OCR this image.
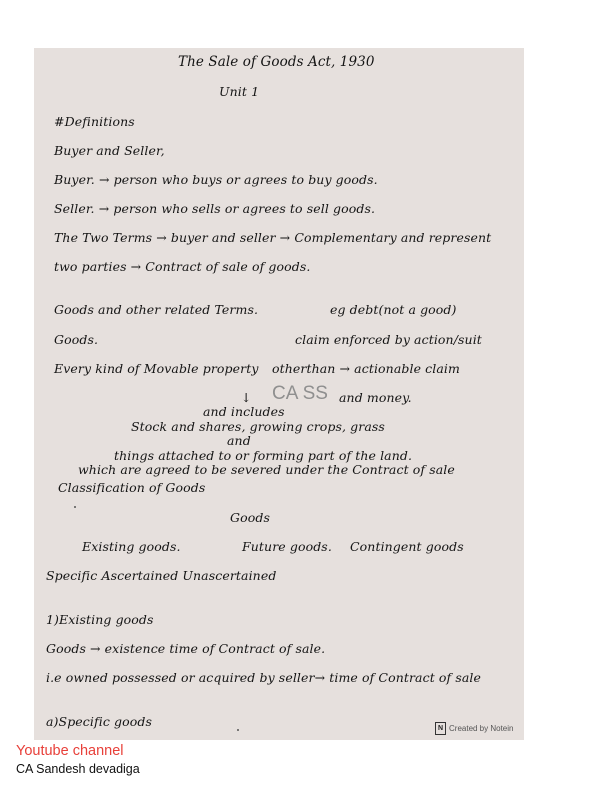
The Sale of Goods Act, 1930
Unit 1
#Definitions
Buyer and Seller,
Buyer. → person who buys or agrees to buy goods.
Seller. → person who sells or agrees to sell goods.
The Two Terms → buyer and seller → Complementary and represent
two parties → Contract of sale of goods.
Goods and other related Terms.	eg debt(not a good)
Goods.	claim enforced by action/suit
Every kind of Movable property otherthan → actionable claim
↓ CA SS and money.
and includes
Stock and shares, growing crops, grass
and
things attached to or forming part of the land.
which are agreed to be severed under the Contract of sale
Classification of Goods
Goods
Existing goods.	Future goods. Contingent goods
Specific Ascertained Unascertained
1)Existing goods
Goods → existence time of Contract of sale.
i.e owned possessed or acquired by seller→ time of Contract of sale
a)Specific goods	N Created by Notein
Youtube channel
CA Sandesh devadiga
